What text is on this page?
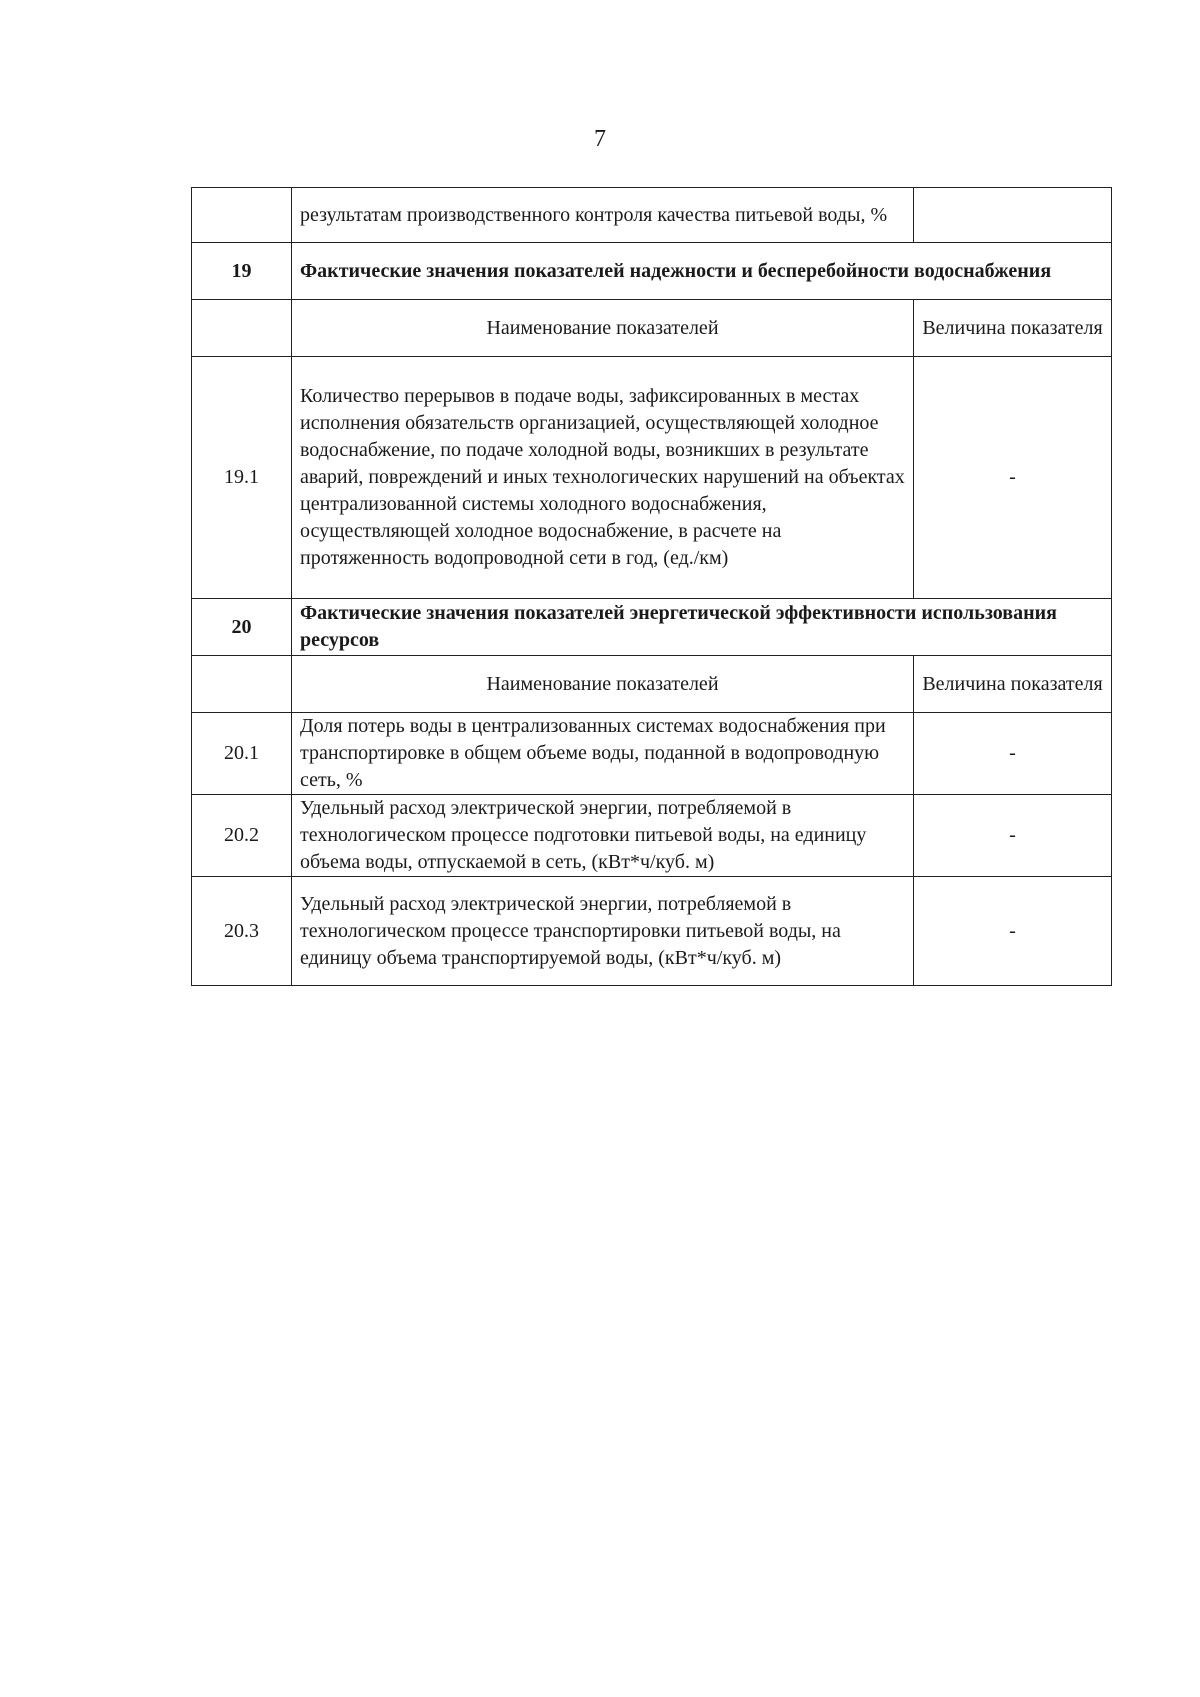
7
	результатам производственного контроля качества питьевой воды, %	
19	Фактические значения показателей надежности и бесперебойности водоснабжения	
	Наименование показателей	Величина показателя
19.1	Количество перерывов в подаче воды, зафиксированных в местах исполнения обязательств организацией, осуществляющей холодное водоснабжение, по подаче холодной воды, возникших в результате аварий, повреждений и иных технологических нарушений на объектах централизованной системы холодного водоснабжения, осуществляющей холодное водоснабжение, в расчете на протяженность водопроводной сети в год, (ед./км)	-
20	Фактические значения показателей энергетической эффективности использования ресурсов	
	Наименование показателей	Величина показателя
20.1	Доля потерь воды в централизованных системах водоснабжения при транспортировке в общем объеме воды, поданной в водопроводную сеть, %	-
20.2	Удельный расход электрической энергии, потребляемой в технологическом процессе подготовки питьевой воды, на единицу объема воды, отпускаемой в сеть, (кВт*ч/куб. м)	-
20.3	Удельный расход электрической энергии, потребляемой в технологическом процессе транспортировки питьевой воды, на единицу объема транспортируемой воды, (кВт*ч/куб. м)	-
